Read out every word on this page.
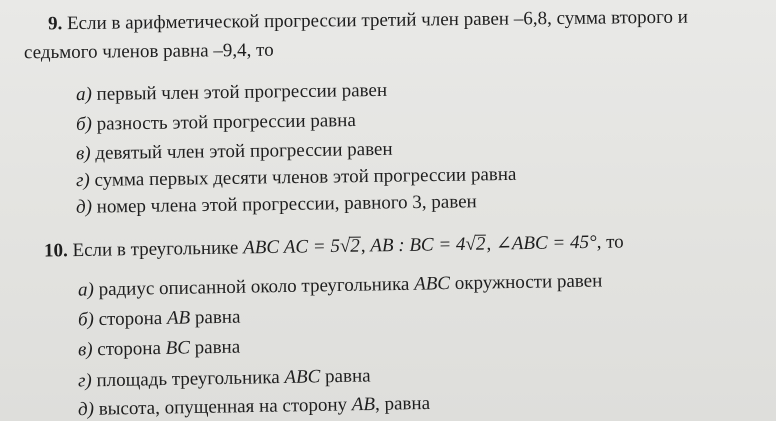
9. Если в арифметической прогрессии третий член равен –6,8, сумма второго и
седьмого членов равна –9,4, то
а) первый член этой прогрессии равен
б) разность этой прогрессии равна
в) девятый член этой прогрессии равен
г) сумма первых десяти членов этой прогрессии равна
д) номер члена этой прогрессии, равного 3, равен
10. Если в треугольнике ABC AC = 5√2, AB : BC = 4√2, ∠ABC = 45°, то
а) радиус описанной около треугольника ABC окружности равен
б) сторона AB равна
в) сторона BC равна
г) площадь треугольника ABC равна
д) высота, опущенная на сторону AB, равна
